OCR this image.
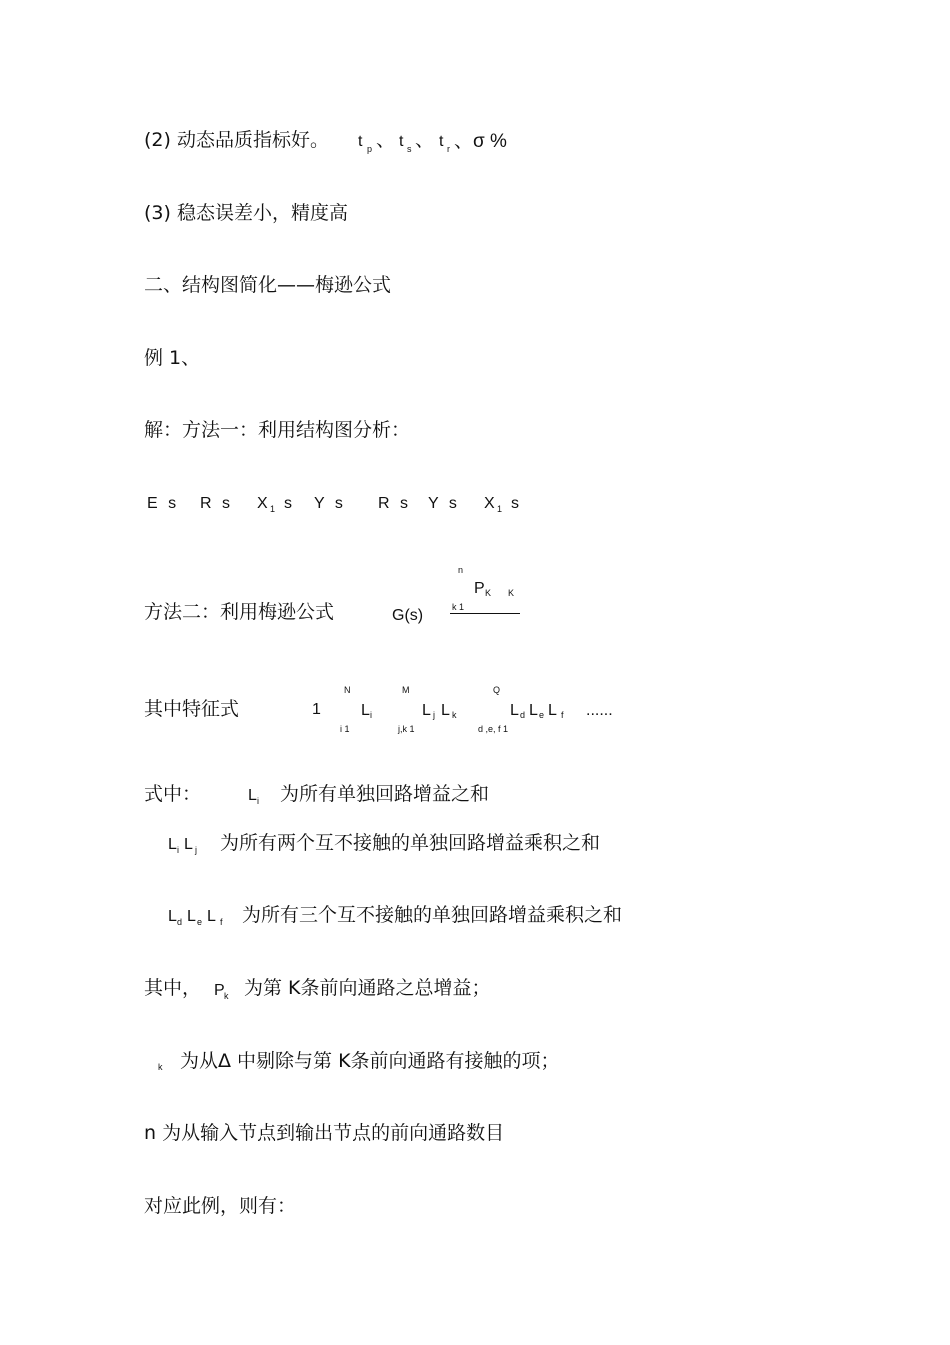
(2) 动态品质指标好。 t p 、 t s 、 t r 、σ %
(3) 稳态误差小，精度高
二、结构图简化——梅逊公式
例 1、
解：方法一：利用结构图分析：
E s R s X 1 s Y s R s Y s X 1 s
n
P K K
k 1
方法二：利用梅逊公式	G(s)
其中特征式	1
N
L i
i 1
M
L j L k
j,k 1
Q
L d L e L f
d ,e, f 1
......
式中：	L i 为所有单独回路增益之和
L i L j 为所有两个互不接触的单独回路增益乘积之和
L d L e L f 为所有三个互不接触的单独回路增益乘积之和
其中， P k 为第 K条前向通路之总增益；
k 为从Δ 中剔除与第 K条前向通路有接触的项；
n 为从输入节点到输出节点的前向通路数目
对应此例，则有：
